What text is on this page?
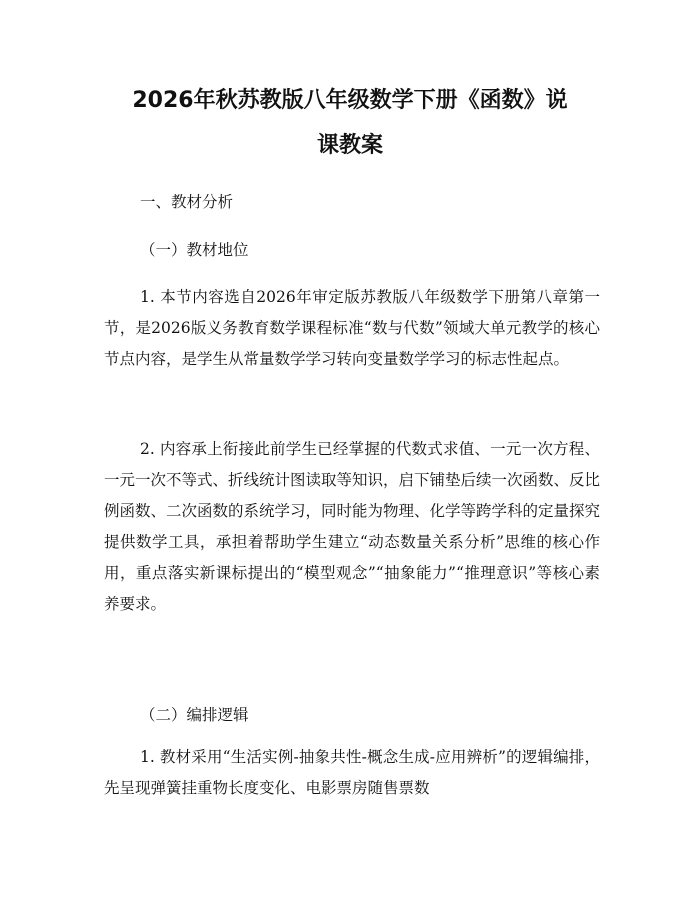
2026年秋苏教版八年级数学下册《函数》说
课教案
一、教材分析
（一）教材地位
1. 本节内容选自2026年审定版苏教版八年级数学下册第八章第一节，是2026版义务教育数学课程标准“数与代数”领域大单元教学的核心节点内容，是学生从常量数学学习转向变量数学学习的标志性起点。
2. 内容承上衔接此前学生已经掌握的代数式求值、一元一次方程、一元一次不等式、折线统计图读取等知识，启下铺垫后续一次函数、反比例函数、二次函数的系统学习，同时能为物理、化学等跨学科的定量探究提供数学工具，承担着帮助学生建立“动态数量关系分析”思维的核心作用，重点落实新课标提出的“模型观念”“抽象能力”“推理意识”等核心素养要求。
（二）编排逻辑
1. 教材采用“生活实例-抽象共性-概念生成-应用辨析”的逻辑编排，先呈现弹簧挂重物长度变化、电影票房随售票数
